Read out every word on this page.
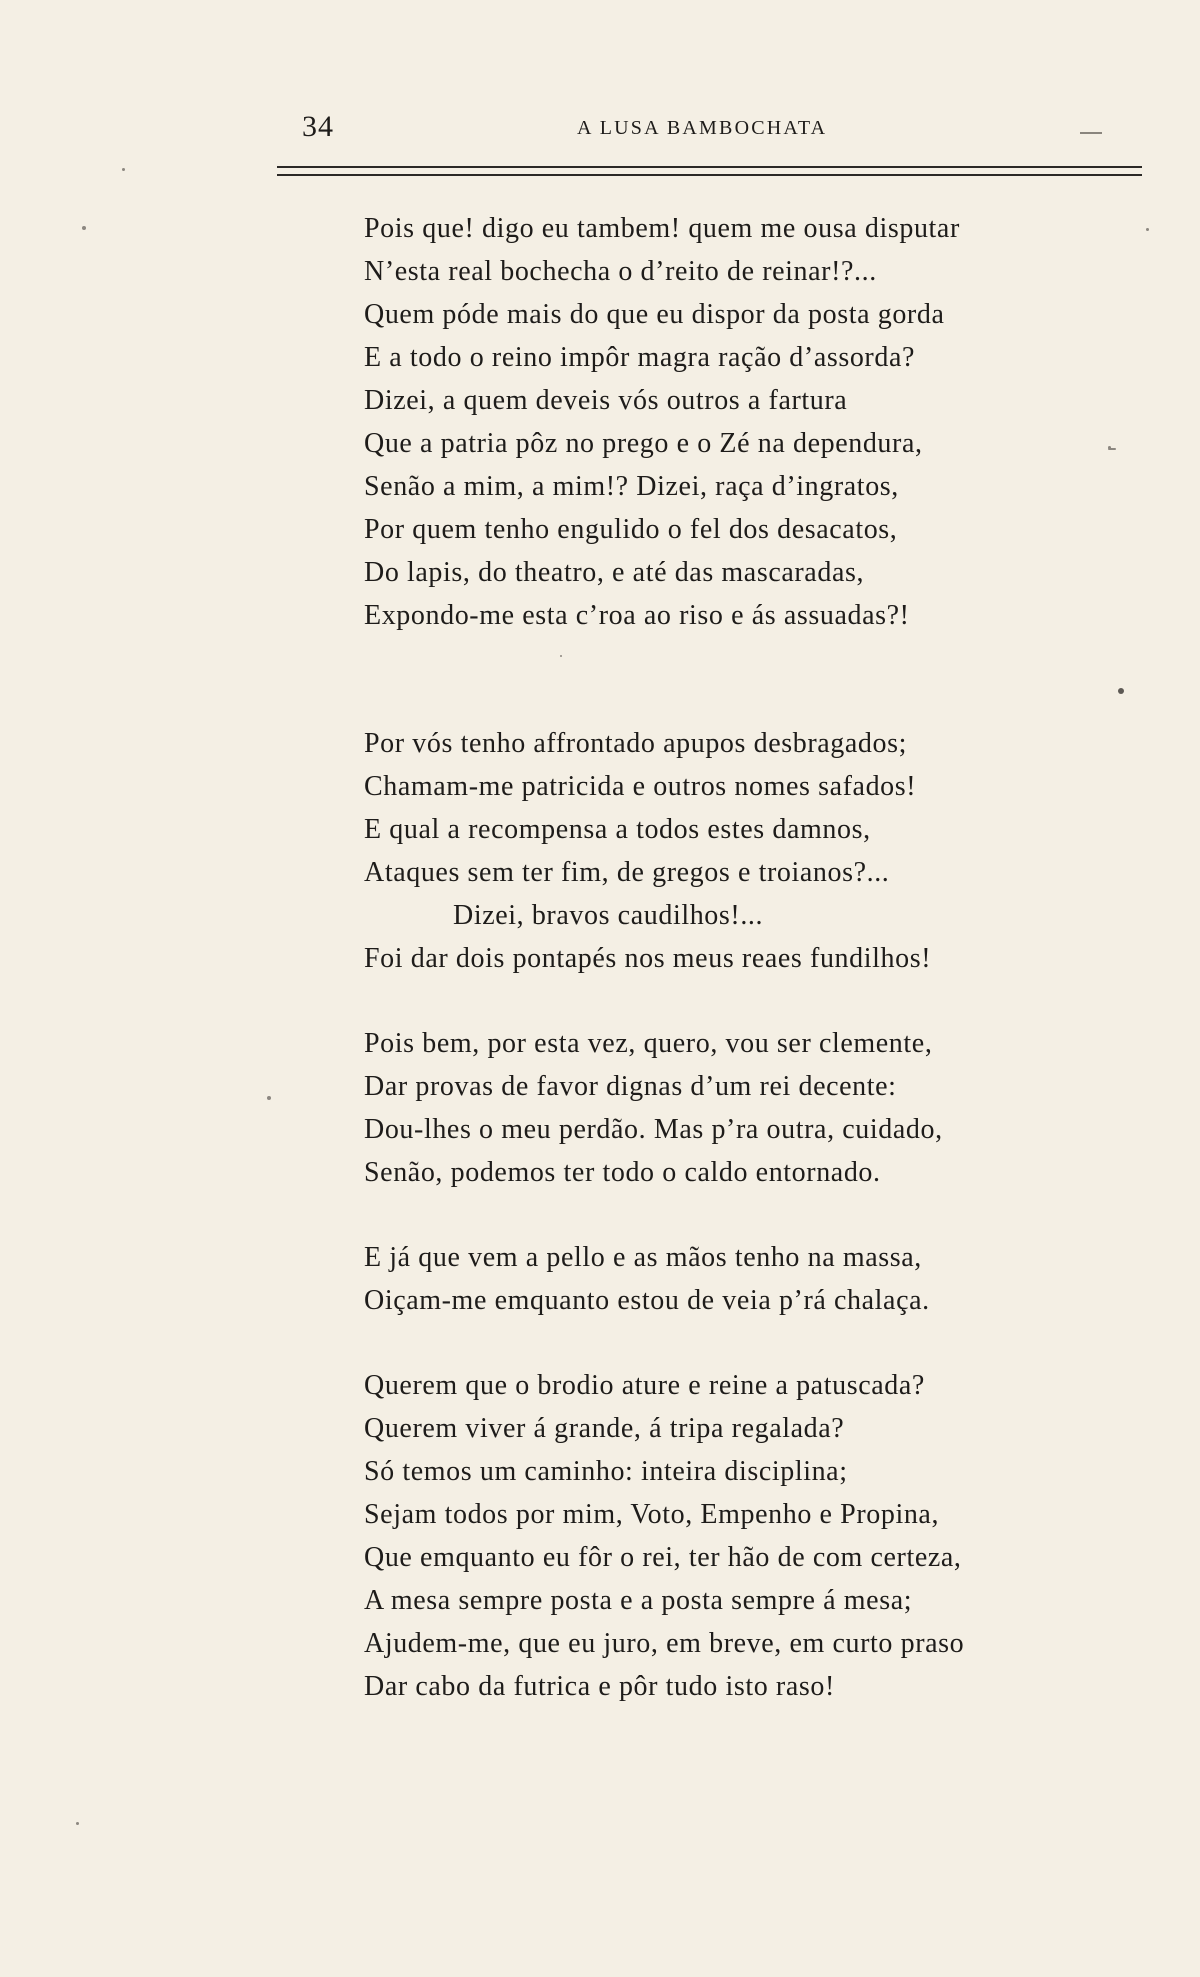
34	A LUSA BAMBOCHATA
Pois que! digo eu tambem! quem me ousa disputar
N’esta real bochecha o d’reito de reinar!?...
Quem póde mais do que eu dispor da posta gorda
E a todo o reino impôr magra ração d’assorda?
Dizei, a quem deveis vós outros a fartura
Que a patria pôz no prego e o Zé na dependura,
Senão a mim, a mim!? Dizei, raça d’ingratos,
Por quem tenho engulido o fel dos desacatos,
Do lapis, do theatro, e até das mascaradas,
Expondo-me esta c’roa ao riso e ás assuadas?!
Por vós tenho affrontado apupos desbragados;
Chamam-me patricida e outros nomes safados!
E qual a recompensa a todos estes damnos,
Ataques sem ter fim, de gregos e troianos?...
Dizei, bravos caudilhos!...
Foi dar dois pontapés nos meus reaes fundilhos!
Pois bem, por esta vez, quero, vou ser clemente,
Dar provas de favor dignas d’um rei decente:
Dou-lhes o meu perdão. Mas p’ra outra, cuidado,
Senão, podemos ter todo o caldo entornado.
E já que vem a pello e as mãos tenho na massa,
Oiçam-me emquanto estou de veia p’rá chalaça.
Querem que o brodio ature e reine a patuscada?
Querem viver á grande, á tripa regalada?
Só temos um caminho: inteira disciplina;
Sejam todos por mim, Voto, Empenho e Propina,
Que emquanto eu fôr o rei, ter hão de com certeza,
A mesa sempre posta e a posta sempre á mesa;
Ajudem-me, que eu juro, em breve, em curto praso
Dar cabo da futrica e pôr tudo isto raso!
